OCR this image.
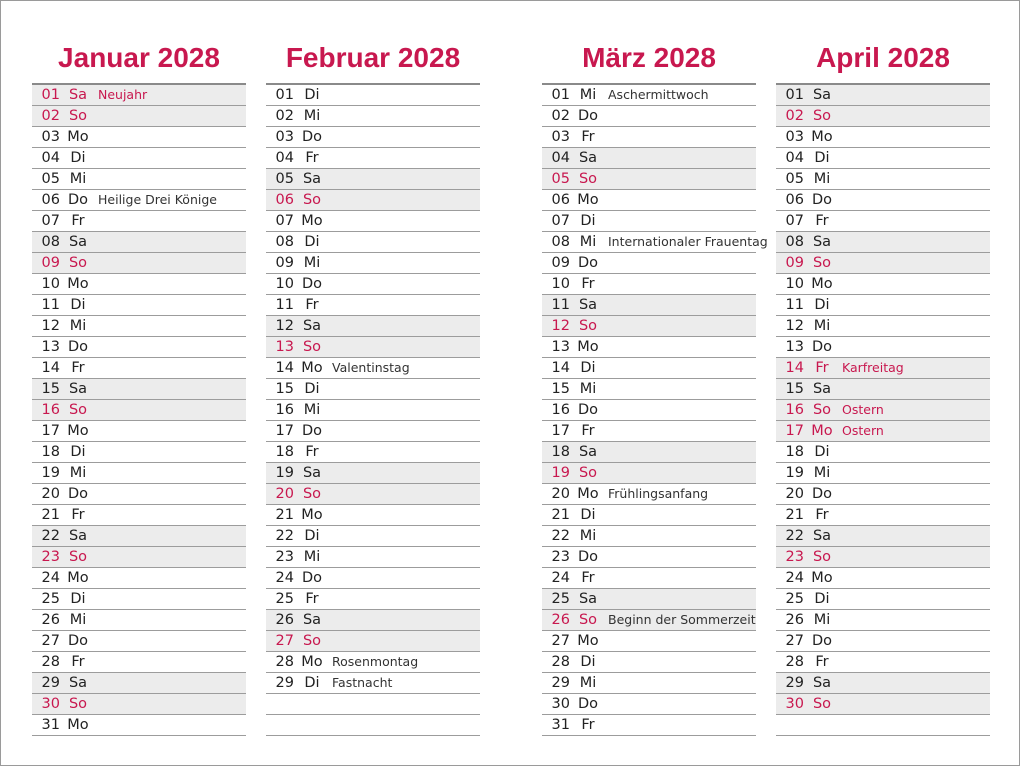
Januar 2028
01 Sa Neujahr
02 So
03 Mo
04 Di
05 Mi
06 Do Heilige Drei Könige
07 Fr
08 Sa
09 So
10 Mo
11 Di
12 Mi
13 Do
14 Fr
15 Sa
16 So
17 Mo
18 Di
19 Mi
20 Do
21 Fr
22 Sa
23 So
24 Mo
25 Di
26 Mi
27 Do
28 Fr
29 Sa
30 So
31 Mo
Februar 2028
01 Di
02 Mi
03 Do
04 Fr
05 Sa
06 So
07 Mo
08 Di
09 Mi
10 Do
11 Fr
12 Sa
13 So
14 Mo Valentinstag
15 Di
16 Mi
17 Do
18 Fr
19 Sa
20 So
21 Mo
22 Di
23 Mi
24 Do
25 Fr
26 Sa
27 So
28 Mo Rosenmontag
29 Di Fastnacht
März 2028
01 Mi Aschermittwoch
02 Do
03 Fr
04 Sa
05 So
06 Mo
07 Di
08 Mi Internationaler Frauentag
09 Do
10 Fr
11 Sa
12 So
13 Mo
14 Di
15 Mi
16 Do
17 Fr
18 Sa
19 So
20 Mo Frühlingsanfang
21 Di
22 Mi
23 Do
24 Fr
25 Sa
26 So Beginn der Sommerzeit
27 Mo
28 Di
29 Mi
30 Do
31 Fr
April 2028
01 Sa
02 So
03 Mo
04 Di
05 Mi
06 Do
07 Fr
08 Sa
09 So
10 Mo
11 Di
12 Mi
13 Do
14 Fr	Karfreitag
15 Sa
16 So Ostern
17 Mo Ostern
18 Di
19 Mi
20 Do
21 Fr
22 Sa
23 So
24 Mo
25 Di
26 Mi
27 Do
28 Fr
29 Sa
30 So
